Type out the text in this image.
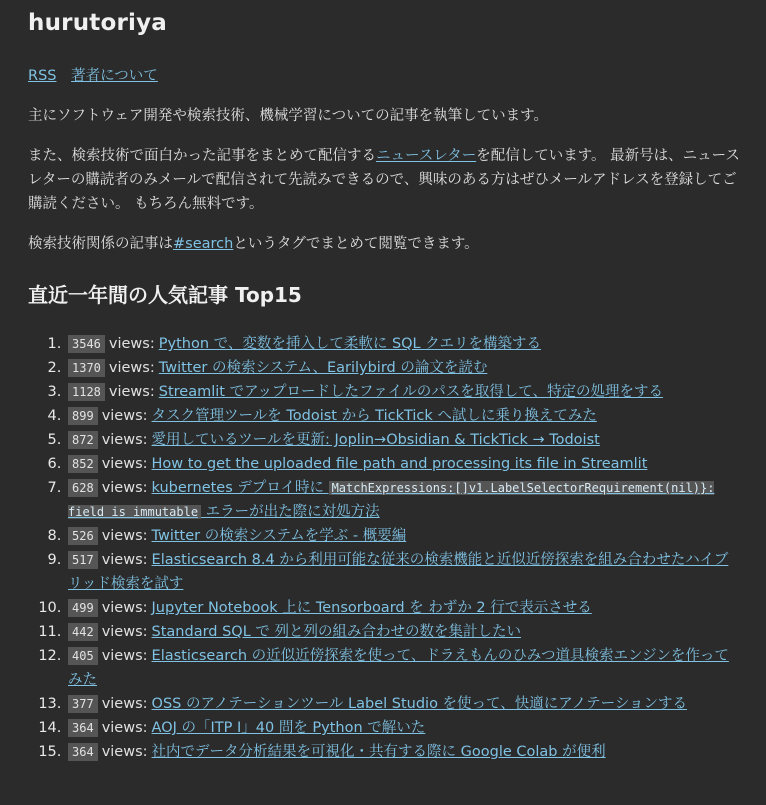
hurutoriya
RSS 著者について

主にソフトウェア開発や検索技術、機械学習についての記事を執筆しています。

また、検索技術で面白かった記事をまとめて配信するニュースレターを配信しています。 最新号は、ニュースレターの購読者のみメールで配信されて先読みできるので、興味のある方はぜひメールアドレスを登録してご購読ください。 もちろん無料です。

検索技術関係の記事は#searchというタグでまとめて閲覧できます。

直近一年間の人気記事 Top15
1. 3546 views: Python で、変数を挿入して柔軟に SQL クエリを構築する
2. 1370 views: Twitter の検索システム、Earilybird の論文を読む
3. 1128 views: Streamlit でアップロードしたファイルのパスを取得して、特定の処理をする
4. 899 views: タスク管理ツールを Todoist から TickTick へ試しに乗り換えてみた
5. 872 views: 愛用しているツールを更新: Joplin→Obsidian & TickTick → Todoist
6. 852 views: How to get the uploaded file path and processing its file in Streamlit
7. 628 views: kubernetes デプロイ時に MatchExpressions:[]v1.LabelSelectorRequirement(nil)}: field is immutable エラーが出た際に対処方法
8. 526 views: Twitter の検索システムを学ぶ - 概要編
9. 517 views: Elasticsearch 8.4 から利用可能な従来の検索機能と近似近傍探索を組み合わせたハイブリッド検索を試す
10. 499 views: Jupyter Notebook 上に Tensorboard を わずか 2 行で表示させる
11. 442 views: Standard SQL で 列と列の組み合わせの数を集計したい
12. 405 views: Elasticsearch の近似近傍探索を使って、ドラえもんのひみつ道具検索エンジンを作ってみた
13. 377 views: OSS のアノテーションツール Label Studio を使って、快適にアノテーションする
14. 364 views: AOJ の「ITP I」40 問を Python で解いた
15. 364 views: 社内でデータ分析結果を可視化・共有する際に Google Colab が便利
